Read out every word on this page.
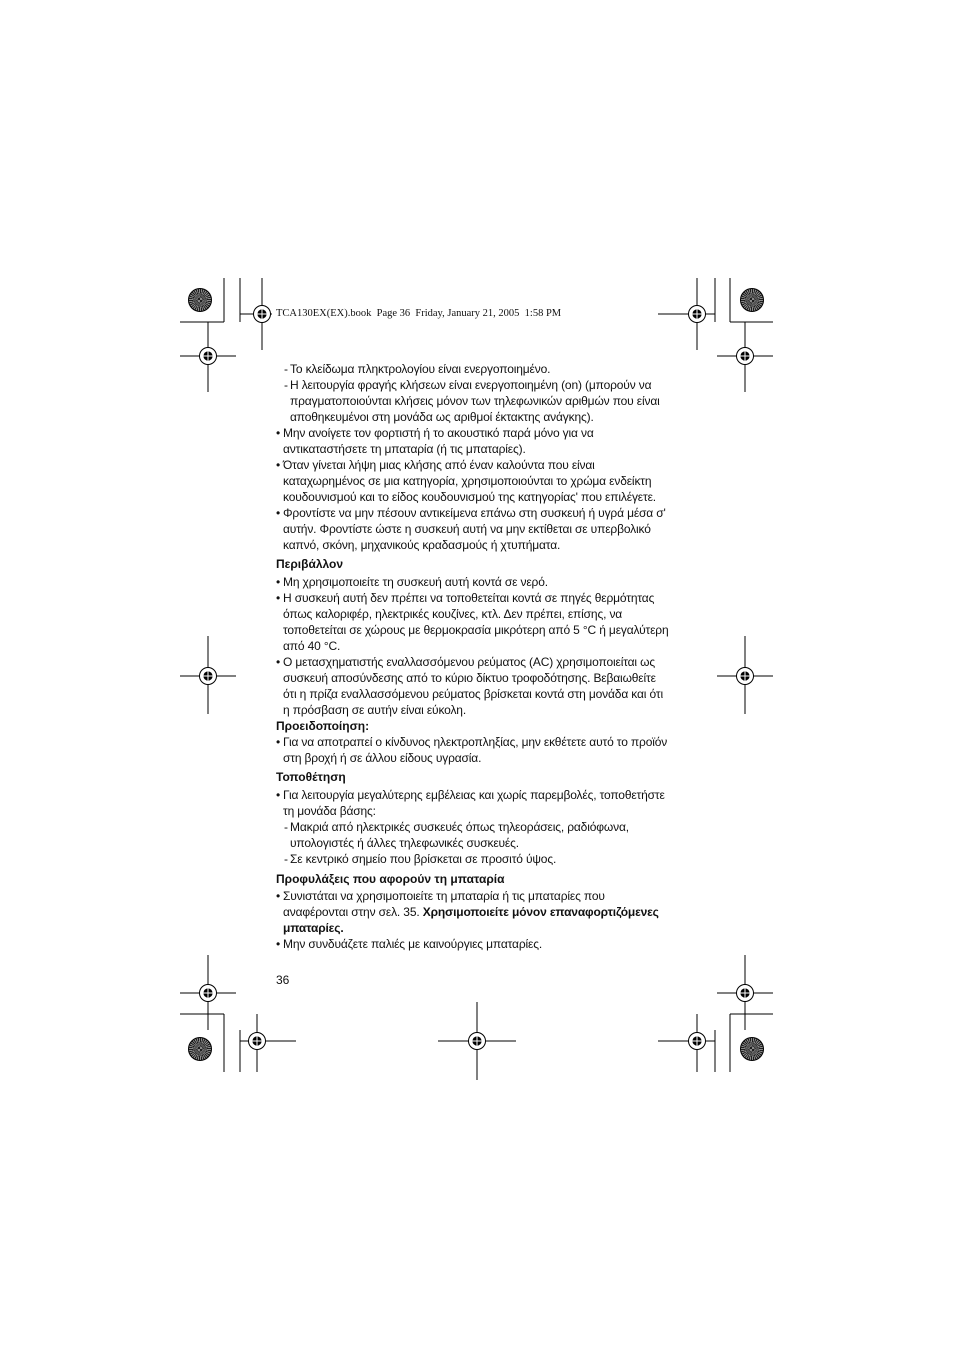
TCA130EX(EX).book  Page 36  Friday, January 21, 2005  1:58 PM
- Το κλείδωμα πληκτρολογίου είναι ενεργοποιημένο.
- Η λειτουργία φραγής κλήσεων είναι ενεργοποιημένη (on) (μπορούν να
πραγματοποιούνται κλήσεις μόνον των τηλεφωνικών αριθμών που είναι
αποθηκευμένοι στη μονάδα ως αριθμοί έκτακτης ανάγκης).
• Μην ανοίγετε τον φορτιστή ή το ακουστικό παρά μόνο για να
αντικαταστήσετε τη μπαταρία (ή τις μπαταρίες).
• Όταν γίνεται λήψη μιας κλήσης από έναν καλούντα που είναι
καταχωρημένος σε μια κατηγορία, χρησιμοποιούνται το χρώμα ενδείκτη
κουδουνισμού και το είδος κουδουνισμού της κατηγορίας' που επιλέγετε.
• Φροντίστε να μην πέσουν αντικείμενα επάνω στη συσκευή ή υγρά μέσα σ'
αυτήν. Φροντίστε ώστε η συσκευή αυτή να μην εκτίθεται σε υπερβολικό
καπνό, σκόνη, μηχανικούς κραδασμούς ή χτυπήματα.
Περιβάλλον
• Μη χρησιμοποιείτε τη συσκευή αυτή κοντά σε νερό.
• Η συσκευή αυτή δεν πρέπει να τοποθετείται κοντά σε πηγές θερμότητας
όπως καλοριφέρ, ηλεκτρικές κουζίνες, κτλ. Δεν πρέπει, επίσης, να
τοποθετείται σε χώρους με θερμοκρασία μικρότερη από 5 °C ή μεγαλύτερη
από 40 °C.
• Ο μετασχηματιστής εναλλασσόμενου ρεύματος (AC) χρησιμοποιείται ως
συσκευή αποσύνδεσης από το κύριο δίκτυο τροφοδότησης. Βεβαιωθείτε
ότι η πρίζα εναλλασσόμενου ρεύματος βρίσκεται κοντά στη μονάδα και ότι
η πρόσβαση σε αυτήν είναι εύκολη.
Προειδοποίηση:
• Για να αποτραπεί ο κίνδυνος ηλεκτροπληξίας, μην εκθέτετε αυτό το προϊόν
στη βροχή ή σε άλλου είδους υγρασία.
Τοποθέτηση
• Για λειτουργία μεγαλύτερης εμβέλειας και χωρίς παρεμβολές, τοποθετήστε
τη μονάδα βάσης:
- Μακριά από ηλεκτρικές συσκευές όπως τηλεοράσεις, ραδιόφωνα,
υπολογιστές ή άλλες τηλεφωνικές συσκευές.
- Σε κεντρικό σημείο που βρίσκεται σε προσιτό ύψος.
Προφυλάξεις που αφορούν τη μπαταρία
• Συνιστάται να χρησιμοποιείτε τη μπαταρία ή τις μπαταρίες που
αναφέρονται στην σελ. 35. Χρησιμοποιείτε μόνον επαναφορτιζόμενες
μπαταρίες.
• Μην συνδυάζετε παλιές με καινούργιες μπαταρίες.
36
